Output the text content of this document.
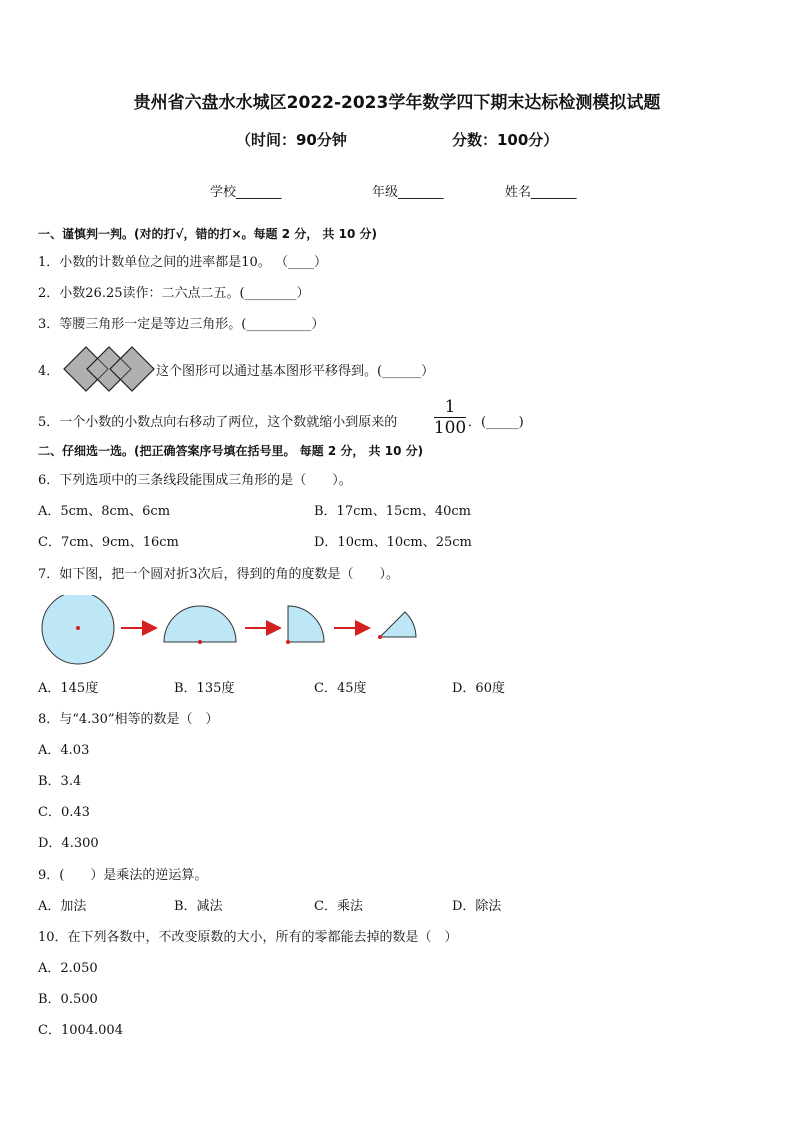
贵州省六盘水水城区2022-2023学年数学四下期末达标检测模拟试题
（时间：90分钟	分数：100分）
学校_______	年级_______	姓名_______
一、谨慎判一判。(对的打√，错的打×。每题 2 分， 共 10 分)
1．小数的计数单位之间的进率都是10。 （____）
2．小数26.25读作：二六点二五。(________）
3．等腰三角形一定是等边三角形。(__________）
4．	这个图形可以通过基本图形平移得到。(______）
5．一个小数的小数点向右移动了两位，这个数就缩小到原来的
1
100 ．(_____)
二、仔细选一选。(把正确答案序号填在括号里。 每题 2 分， 共 10 分)
6．下列选项中的三条线段能围成三角形的是（　　）。
A．5cm、8cm、6cm	B．17cm、15cm、40cm
C．7cm、9cm、16cm	D．10cm、10cm、25cm
7．如下图，把一个圆对折3次后，得到的角的度数是（　　）。
A．145度	B．135度	C．45度	D．60度
8．与“4.30”相等的数是（　）
A．4.03
B．3.4
C．0.43
D．4.300
9．(　　）是乘法的逆运算。
A．加法	B．减法	C．乘法	D．除法
10．在下列各数中，不改变原数的大小，所有的零都能去掉的数是（　）
A．2.050
B．0.500
C．1004.004
